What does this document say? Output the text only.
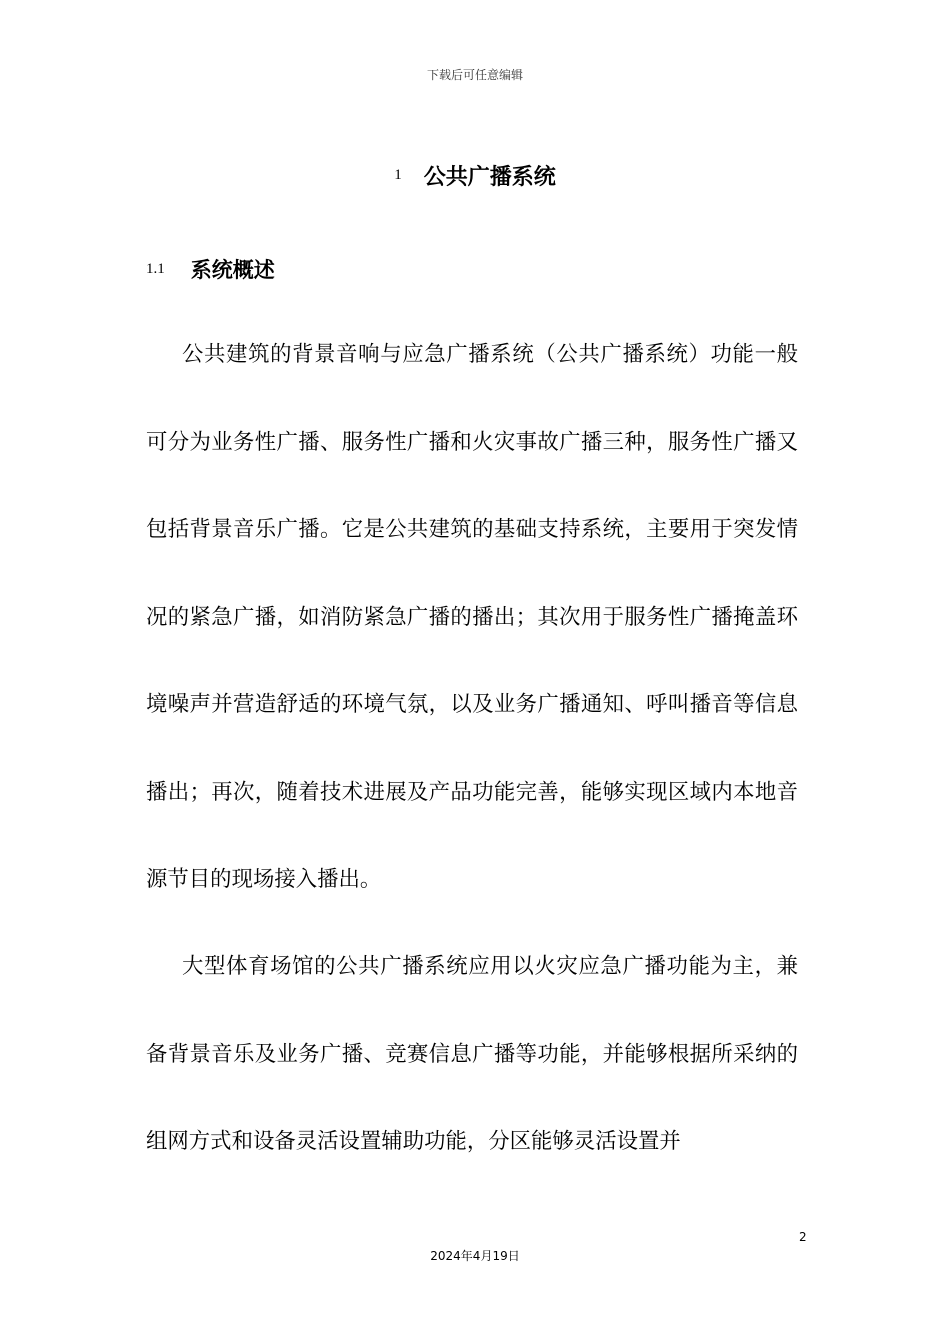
下载后可任意编辑
1 公共广播系统
1.1 系统概述

公共建筑的背景音响与应急广播系统（公共广播系统）功能一般可分为业务性广播、服务性广播和火灾事故广播三种，服务性广播又包括背景音乐广播。它是公共建筑的基础支持系统，主要用于突发情况的紧急广播，如消防紧急广播的播出；其次用于服务性广播掩盖环境噪声并营造舒适的环境气氛，以及业务广播通知、呼叫播音等信息播出；再次，随着技术进展及产品功能完善，能够实现区域内本地音源节目的现场接入播出。

大型体育场馆的公共广播系统应用以火灾应急广播功能为主，兼备背景音乐及业务广播、竞赛信息广播等功能，并能够根据所采纳的组网方式和设备灵活设置辅助功能，分区能够灵活设置并

2
2024年4月19日
